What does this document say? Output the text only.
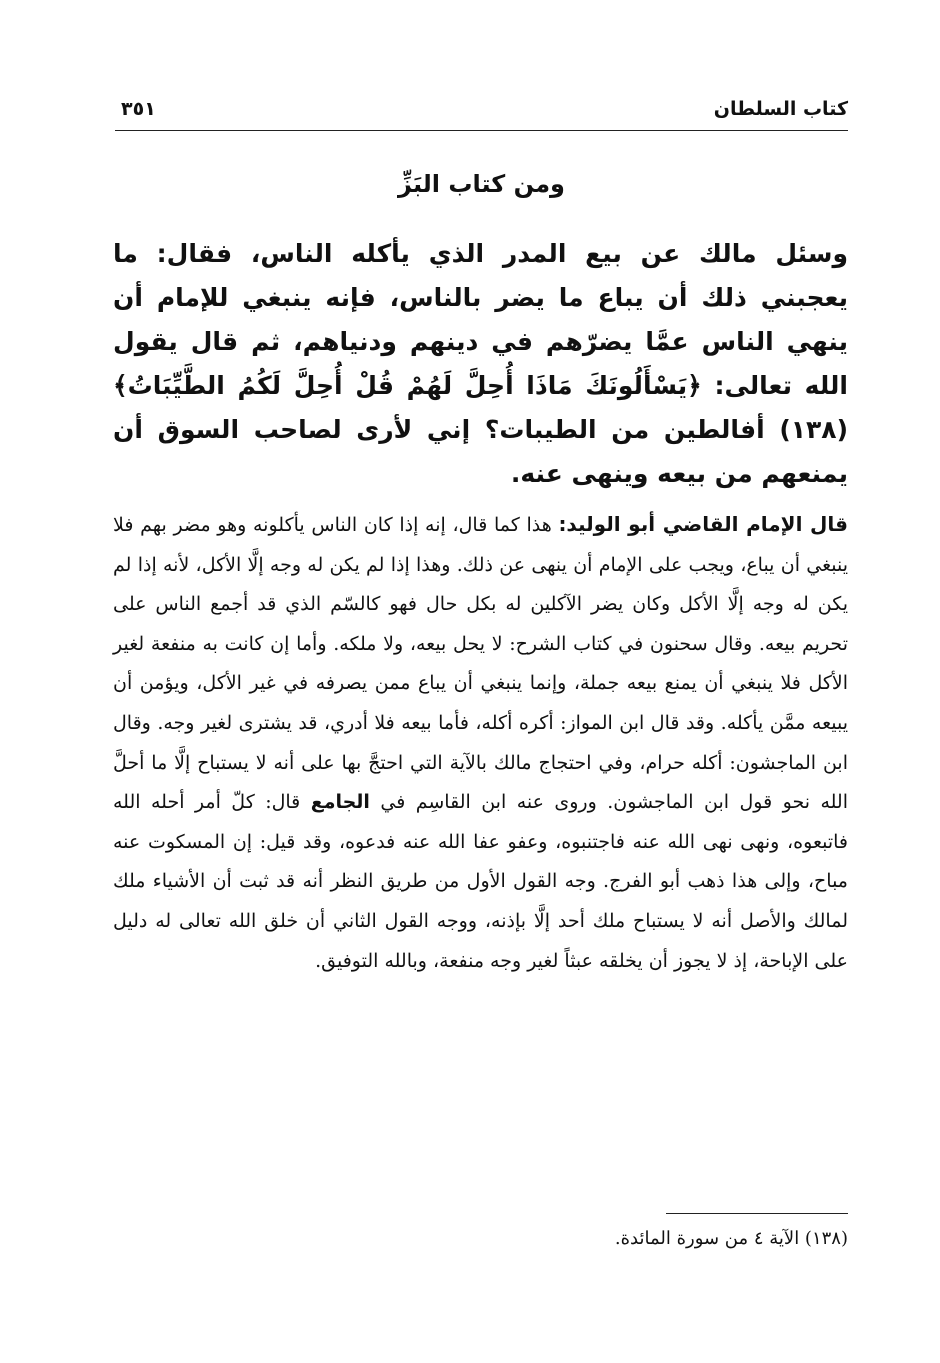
كتاب السلطان
٣٥١
ومن كتاب البَزِّ

وسئل مالك عن بيع المدر الذي يأكله الناس، فقال: ما يعجبني ذلك أن يباع ما يضر بالناس، فإنه ينبغي للإمام أن ينهي الناس عمَّا يضرّهم في دينهم ودنياهم، ثم قال يقول الله تعالى: ﴿يَسْأَلُونَكَ مَاذَا أُحِلَّ لَهُمْ قُلْ أُحِلَّ لَكُمُ الطَّيِّبَاتُ﴾(١٣٨) أفالطين من الطيبات؟ إني لأرى لصاحب السوق أن يمنعهم من بيعه وينهى عنه.

قال الإمام القاضي أبو الوليد: هذا كما قال، إنه إذا كان الناس يأكلونه وهو مضر بهم فلا ينبغي أن يباع، ويجب على الإمام أن ينهى عن ذلك. وهذا إذا لم يكن له وجه إلَّا الأكل، لأنه إذا لم يكن له وجه إلَّا الأكل وكان يضر الآكلين له بكل حال فهو كالسّم الذي قد أجمع الناس على تحريم بيعه. وقال سحنون في كتاب الشرح: لا يحل بيعه، ولا ملكه. وأما إن كانت به منفعة لغير الأكل فلا ينبغي أن يمنع بيعه جملة، وإنما ينبغي أن يباع ممن يصرفه في غير الأكل، ويؤمن أن يبيعه ممَّن يأكله. وقد قال ابن المواز: أكره أكله، فأما بيعه فلا أدري، قد يشترى لغير وجه. وقال ابن الماجشون: أكله حرام، وفي احتجاج مالك بالآية التي احتجَّ بها على أنه لا يستباح إلَّا ما أحلَّ الله نحو قول ابن الماجشون. وروى عنه ابن القاسِم في الجامع قال: كلّ أمر أحله الله فاتبعوه، ونهى نهى الله عنه فاجتنبوه، وعفو عفا الله عنه فدعوه، وقد قيل: إن المسكوت عنه مباح، وإلى هذا ذهب أبو الفرج. وجه القول الأول من طريق النظر أنه قد ثبت أن الأشياء ملك لمالك والأصل أنه لا يستباح ملك أحد إلَّا بإذنه، ووجه القول الثاني أن خلق الله تعالى له دليل على الإباحة، إذ لا يجوز أن يخلقه عبثاً لغير وجه منفعة، وبالله التوفيق.

(١٣٨) الآية ٤ من سورة المائدة.
